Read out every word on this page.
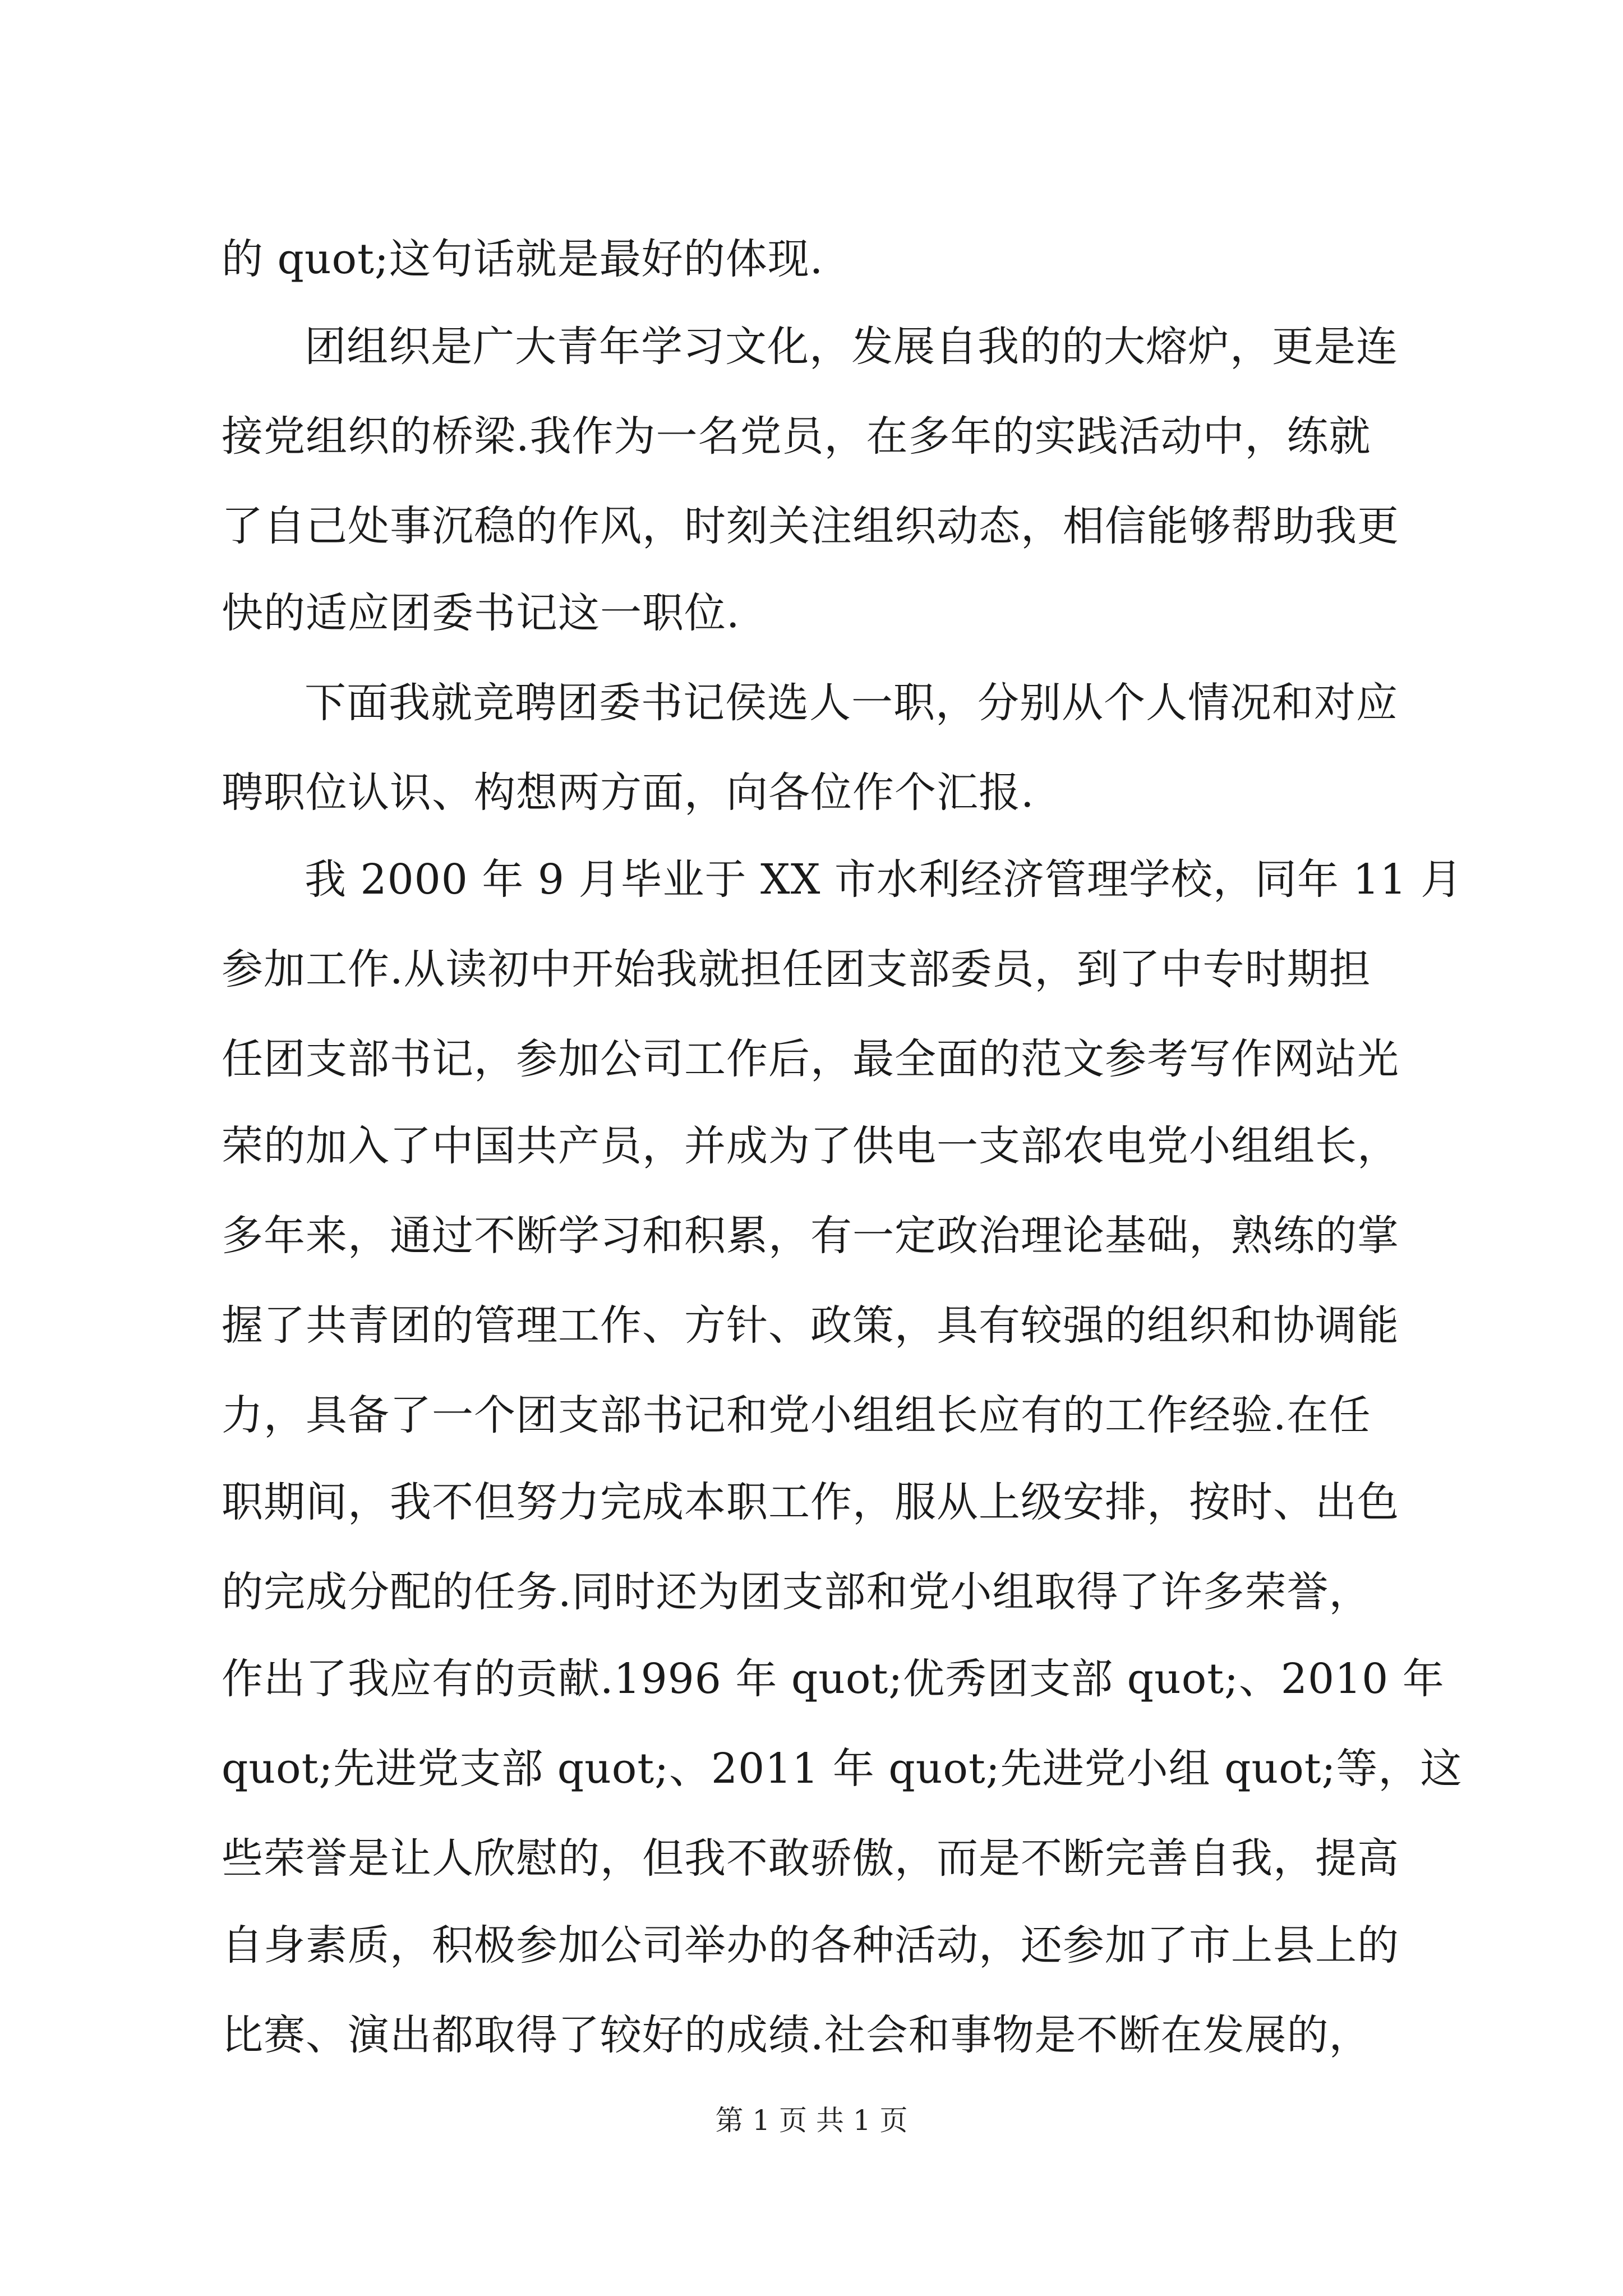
的 quot;这句话就是最好的体现.
团组织是广大青年学习文化，发展自我的的大熔炉，更是连
接党组织的桥梁.我作为一名党员，在多年的实践活动中，练就
了自己处事沉稳的作风，时刻关注组织动态，相信能够帮助我更
快的适应团委书记这一职位.
下面我就竞聘团委书记侯选人一职，分别从个人情况和对应
聘职位认识、构想两方面，向各位作个汇报.
我 2000 年 9 月毕业于 XX 市水利经济管理学校，同年 11 月
参加工作.从读初中开始我就担任团支部委员，到了中专时期担
任团支部书记，参加公司工作后，最全面的范文参考写作网站光
荣的加入了中国共产员，并成为了供电一支部农电党小组组长，
多年来，通过不断学习和积累，有一定政治理论基础，熟练的掌
握了共青团的管理工作、方针、政策，具有较强的组织和协调能
力，具备了一个团支部书记和党小组组长应有的工作经验.在任
职期间，我不但努力完成本职工作，服从上级安排，按时、出色
的完成分配的任务.同时还为团支部和党小组取得了许多荣誉，
作出了我应有的贡献.1996 年 quot;优秀团支部 quot;、2010 年
quot;先进党支部 quot;、2011 年 quot;先进党小组 quot;等，这
些荣誉是让人欣慰的，但我不敢骄傲，而是不断完善自我，提高
自身素质，积极参加公司举办的各种活动，还参加了市上县上的
比赛、演出都取得了较好的成绩.社会和事物是不断在发展的，
第 1 页 共 1 页
